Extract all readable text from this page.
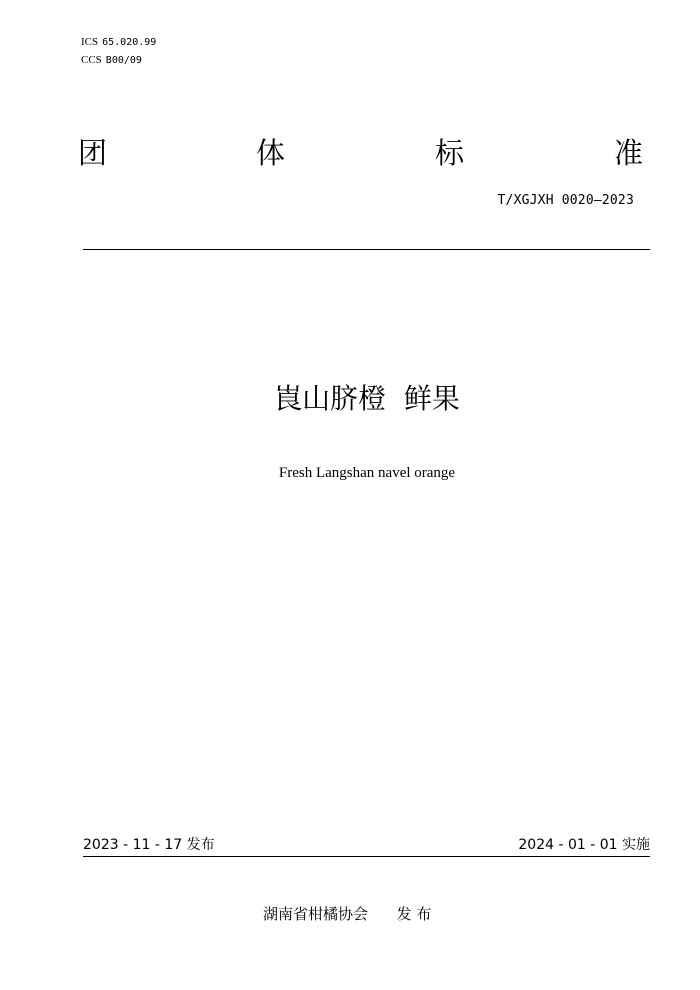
ICS 65.020.99
CCS B00/09
团	体	标	准
T/XGJXH 0020—2023
崀山脐橙  鲜果
Fresh Langshan navel orange
2023 - 11 - 17 发布	2024 - 01 - 01 实施
湖南省柑橘协会      发 布
